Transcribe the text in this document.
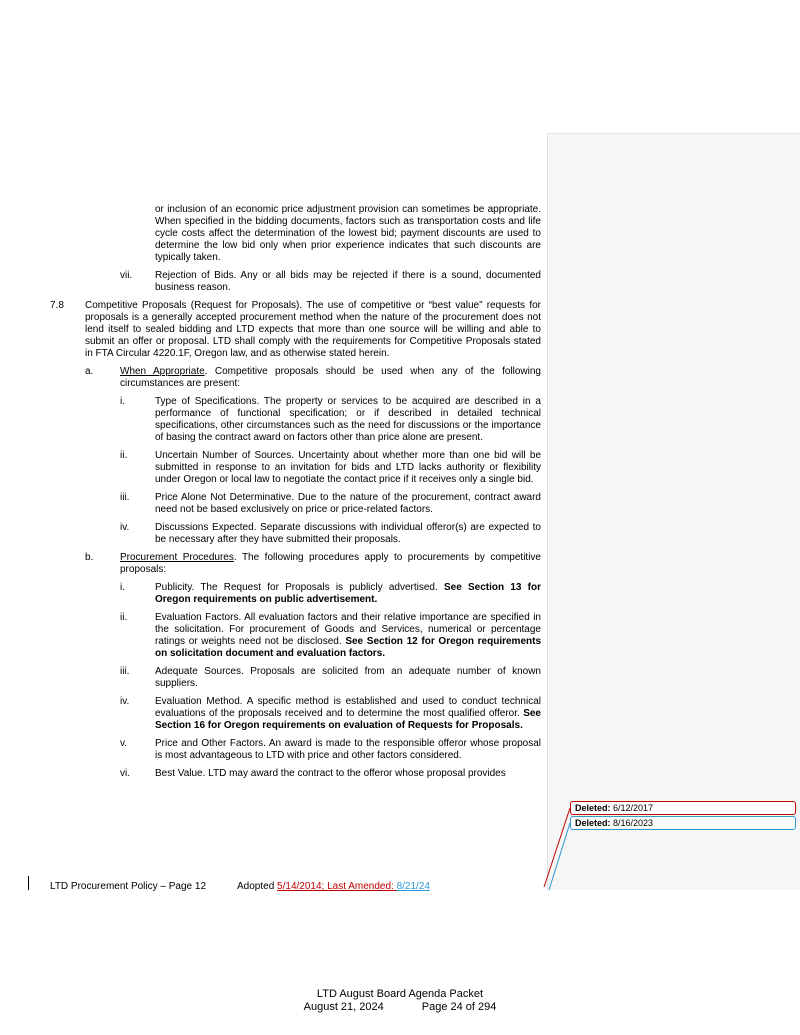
or inclusion of an economic price adjustment provision can sometimes be appropriate. When specified in the bidding documents, factors such as transportation costs and life cycle costs affect the determination of the lowest bid; payment discounts are used to determine the low bid only when prior experience indicates that such discounts are typically taken.

vii. Rejection of Bids. Any or all bids may be rejected if there is a sound, documented business reason.

7.8 Competitive Proposals (Request for Proposals). The use of competitive or “best value” requests for proposals is a generally accepted procurement method when the nature of the procurement does not lend itself to sealed bidding and LTD expects that more than one source will be willing and able to submit an offer or proposal. LTD shall comply with the requirements for Competitive Proposals stated in FTA Circular 4220.1F, Oregon law, and as otherwise stated herein.

a.	When Appropriate. Competitive proposals should be used when any of the following circumstances are present:

i.	Type of Specifications. The property or services to be acquired are described in a performance of functional specification; or if described in detailed technical specifications, other circumstances such as the need for discussions or the importance of basing the contract award on factors other than price alone are present.

ii.	Uncertain Number of Sources. Uncertainty about whether more than one bid will be submitted in response to an invitation for bids and LTD lacks authority or flexibility under Oregon or local law to negotiate the contact price if it receives only a single bid.

iii.	Price Alone Not Determinative. Due to the nature of the procurement, contract award need not be based exclusively on price or price-related factors.

iv.	Discussions Expected. Separate discussions with individual offeror(s) are expected to be necessary after they have submitted their proposals.

b.	Procurement Procedures. The following procedures apply to procurements by competitive proposals:

i.	Publicity. The Request for Proposals is publicly advertised. See Section 13 for Oregon requirements on public advertisement.

ii.	Evaluation Factors. All evaluation factors and their relative importance are specified in the solicitation. For procurement of Goods and Services, numerical or percentage ratings or weights need not be disclosed. See Section 12 for Oregon requirements on solicitation document and evaluation factors.

iii.	Adequate Sources. Proposals are solicited from an adequate number of known suppliers.

iv.	Evaluation Method. A specific method is established and used to conduct technical evaluations of the proposals received and to determine the most qualified offeror. See Section 16 for Oregon requirements on evaluation of Requests for Proposals.

v.	Price and Other Factors. An award is made to the responsible offeror whose proposal is most advantageous to LTD with price and other factors considered.

vi.	Best Value. LTD may award the contract to the offeror whose proposal provides

Deleted: 6/12/2017
Deleted: 8/16/2023
LTD Procurement Policy – Page 12	Adopted 5/14/2014; Last Amended: 8/21/24
LTD August Board Agenda Packet
August 21, 2024	Page 24 of 294
